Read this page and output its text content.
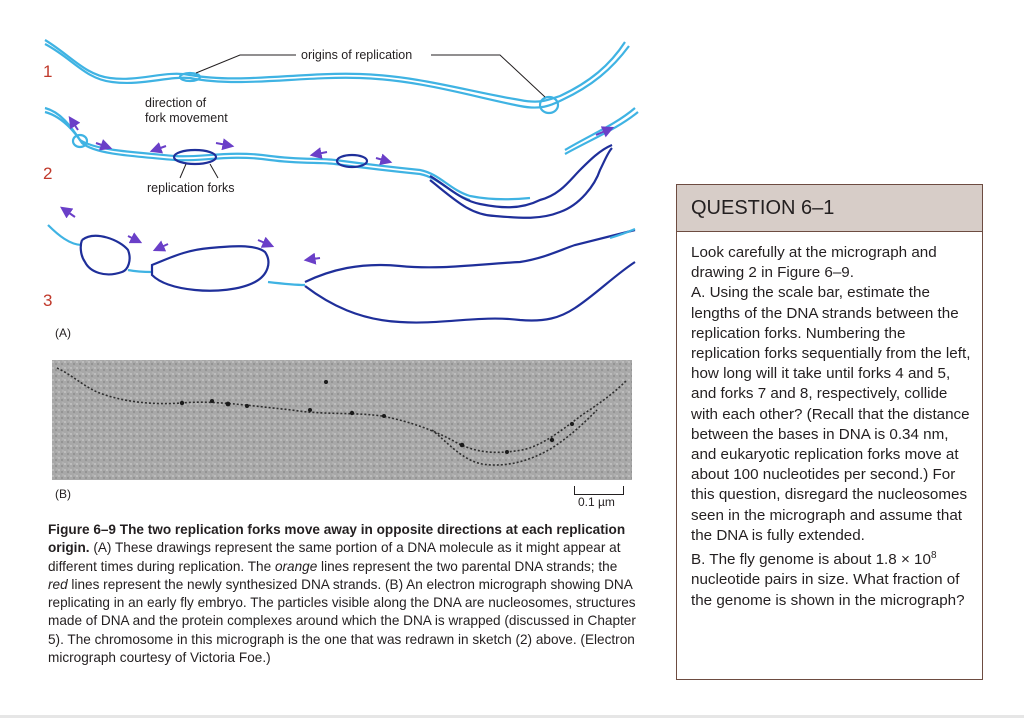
1
2
3
origins of replication
direction of
fork movement
replication forks
(A)
(B)
0.1 µm
Figure 6–9 The two replication forks move away in opposite directions at each replication origin. (A) These drawings represent the same portion of a DNA molecule as it might appear at different times during replication. The orange lines represent the two parental DNA strands; the red lines represent the newly synthesized DNA strands. (B) An electron micrograph showing DNA replicating in an early fly embryo. The particles visible along the DNA are nucleosomes, structures made of DNA and the protein complexes around which the DNA is wrapped (discussed in Chapter 5). The chromosome in this micrograph is the one that was redrawn in sketch (2) above. (Electron micrograph courtesy of Victoria Foe.)
QUESTION 6–1

Look carefully at the micrograph and drawing 2 in Figure 6–9.

A. Using the scale bar, estimate the lengths of the DNA strands between the replication forks. Numbering the replication forks sequentially from the left, how long will it take until forks 4 and 5, and forks 7 and 8, respectively, collide with each other? (Recall that the distance between the bases in DNA is 0.34 nm, and eukaryotic replication forks move at about 100 nucleotides per second.) For this question, disregard the nucleosomes seen in the micrograph and assume that the DNA is fully extended.

B. The fly genome is about $1.8 \times 10^8$ nucleotide pairs in size. What fraction of the genome is shown in the micrograph?
